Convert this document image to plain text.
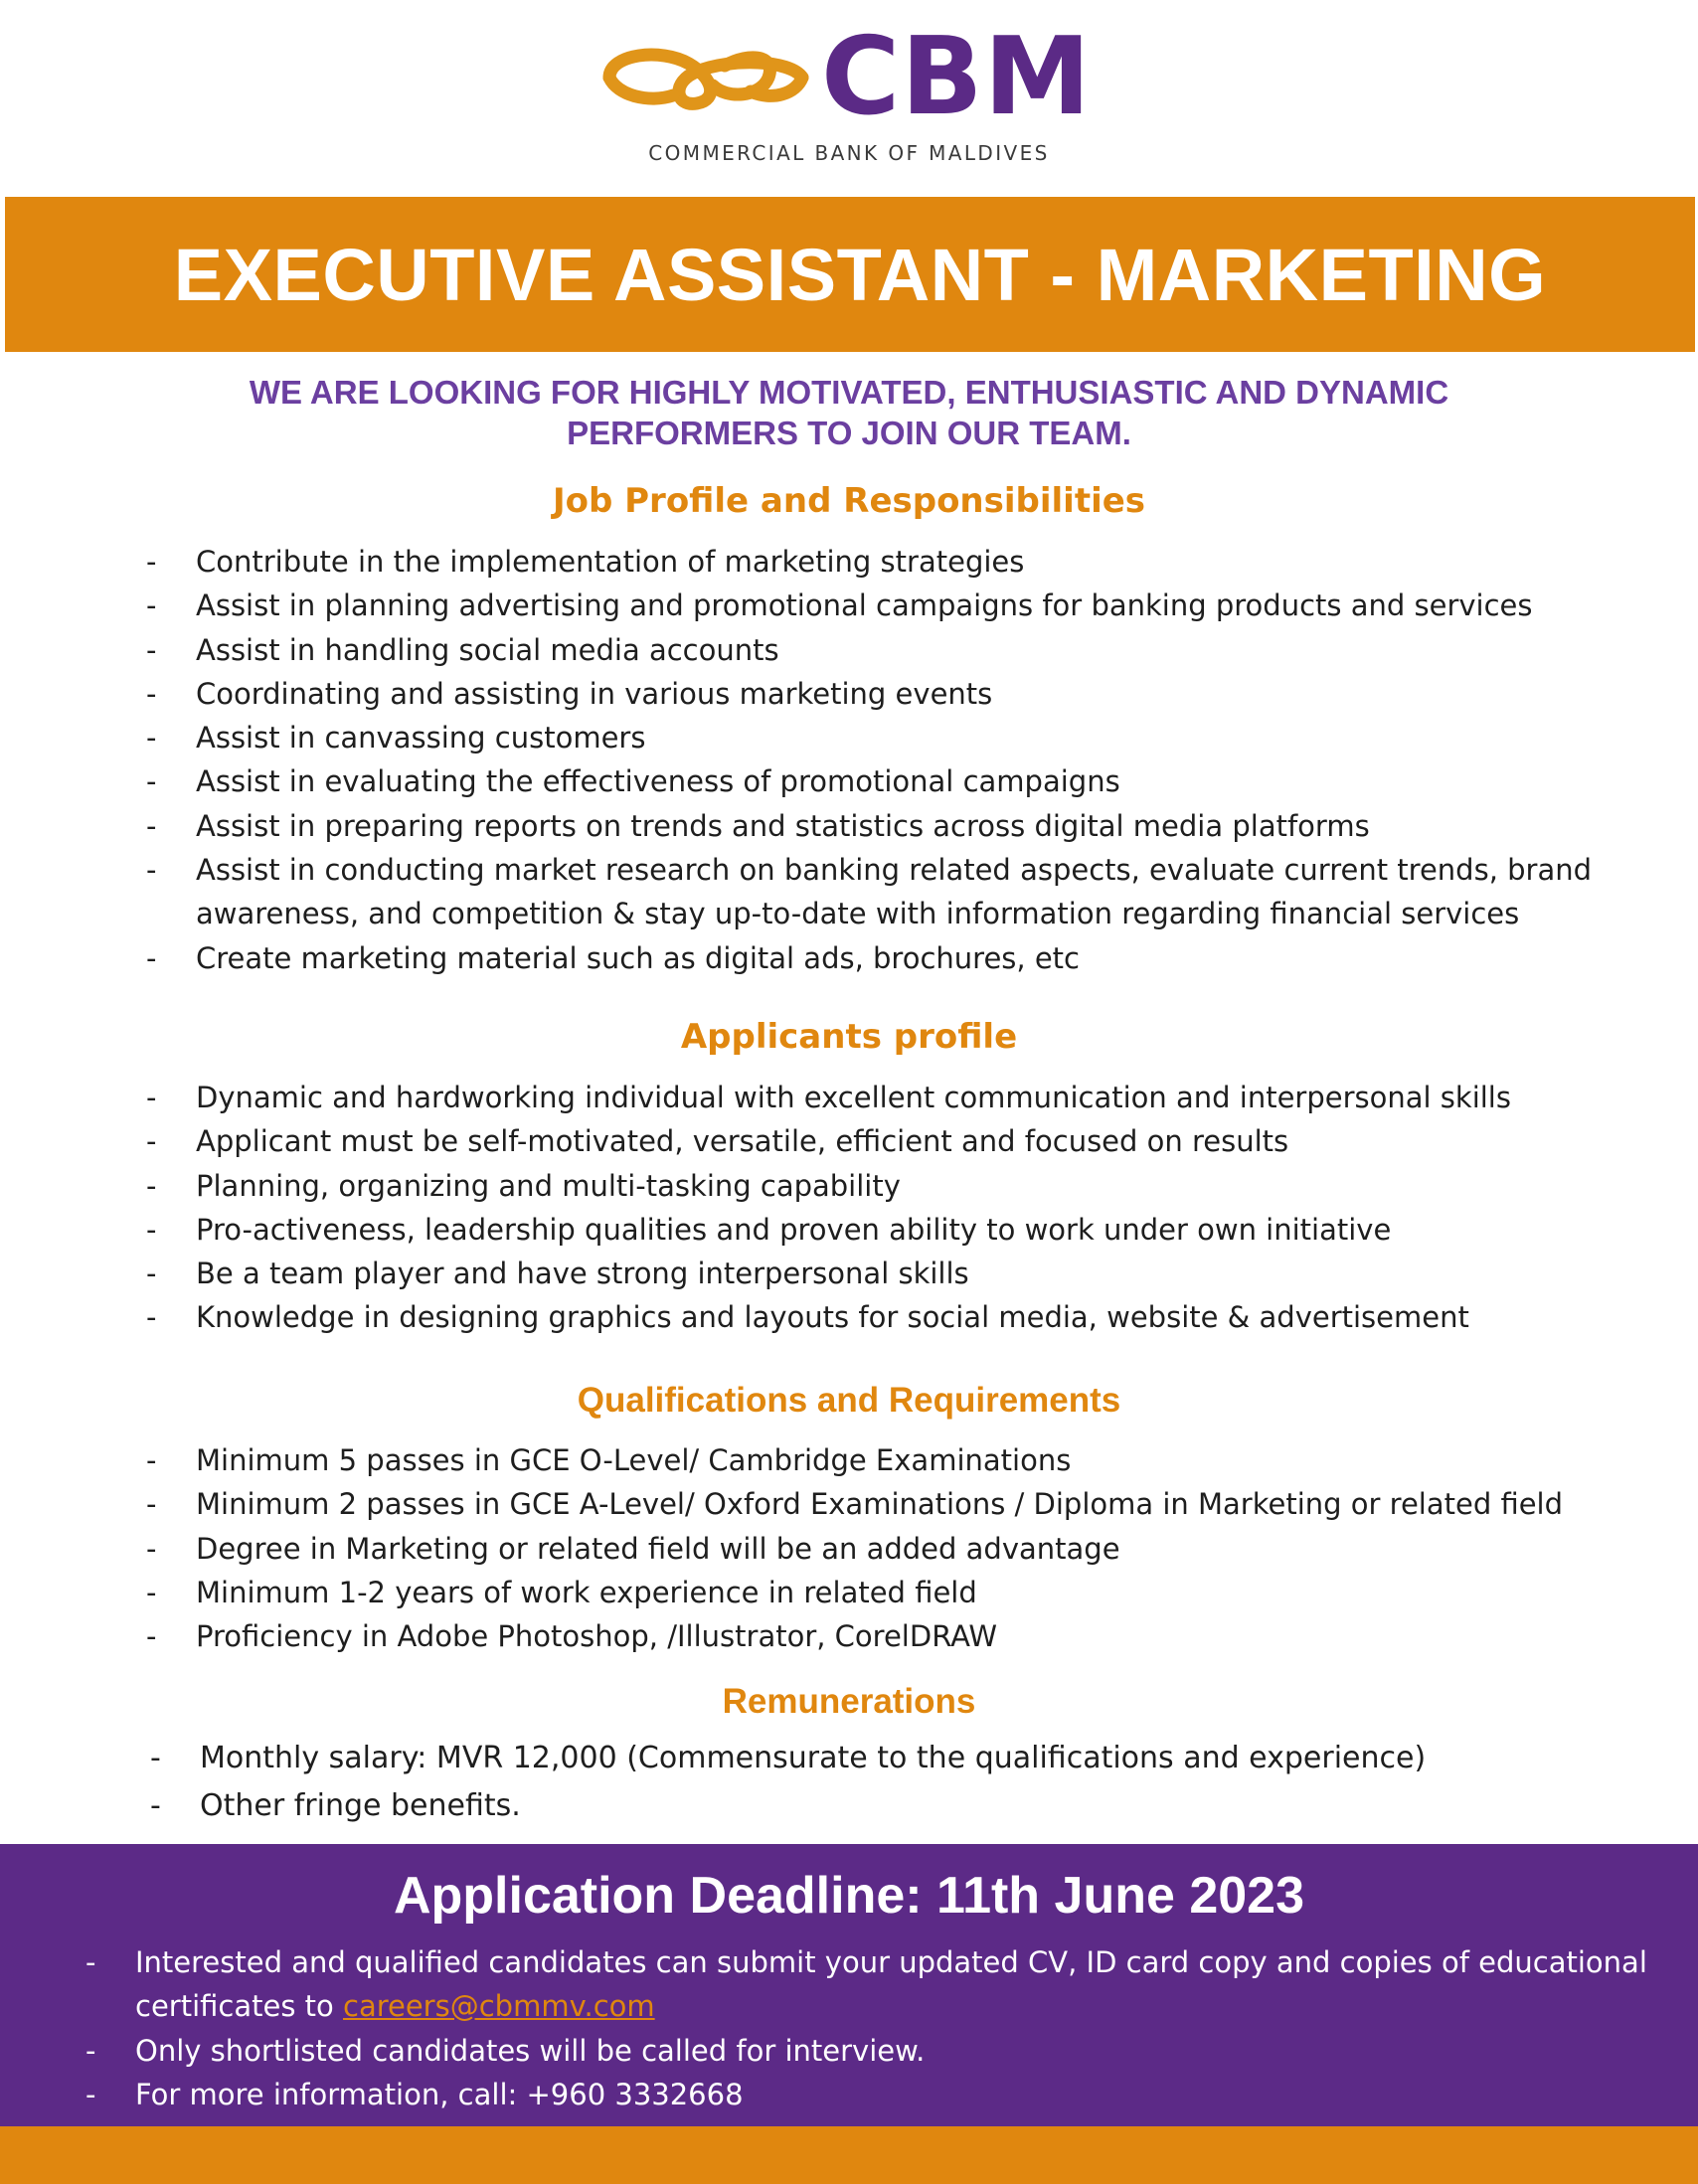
CBM
COMMERCIAL BANK OF MALDIVES
EXECUTIVE ASSISTANT - MARKETING
WE ARE LOOKING FOR HIGHLY MOTIVATED, ENTHUSIASTIC AND DYNAMIC
PERFORMERS TO JOIN OUR TEAM.
Job Profile and Responsibilities
- Contribute in the implementation of marketing strategies
- Assist in planning advertising and promotional campaigns for banking products and services
- Assist in handling social media accounts
- Coordinating and assisting in various marketing events
- Assist in canvassing customers
- Assist in evaluating the effectiveness of promotional campaigns
- Assist in preparing reports on trends and statistics across digital media platforms
- Assist in conducting market research on banking related aspects, evaluate current trends, brand awareness, and competition & stay up-to-date with information regarding financial services
- Create marketing material such as digital ads, brochures, etc
Applicants profile
- Dynamic and hardworking individual with excellent communication and interpersonal skills
- Applicant must be self-motivated, versatile, efficient and focused on results
- Planning, organizing and multi-tasking capability
- Pro-activeness, leadership qualities and proven ability to work under own initiative
- Be a team player and have strong interpersonal skills
- Knowledge in designing graphics and layouts for social media, website & advertisement
Qualifications and Requirements
- Minimum 5 passes in GCE O-Level/ Cambridge Examinations
- Minimum 2 passes in GCE A-Level/ Oxford Examinations / Diploma in Marketing or related field
- Degree in Marketing or related field will be an added advantage
- Minimum 1-2 years of work experience in related field
- Proficiency in Adobe Photoshop, /Illustrator, CorelDRAW
Remunerations
- Monthly salary: MVR 12,000 (Commensurate to the qualifications and experience)
- Other fringe benefits.
Application Deadline: 11th June 2023
- Interested and qualified candidates can submit your updated CV, ID card copy and copies of educational certificates to careers@cbmmv.com
- Only shortlisted candidates will be called for interview.
- For more information, call: +960 3332668
